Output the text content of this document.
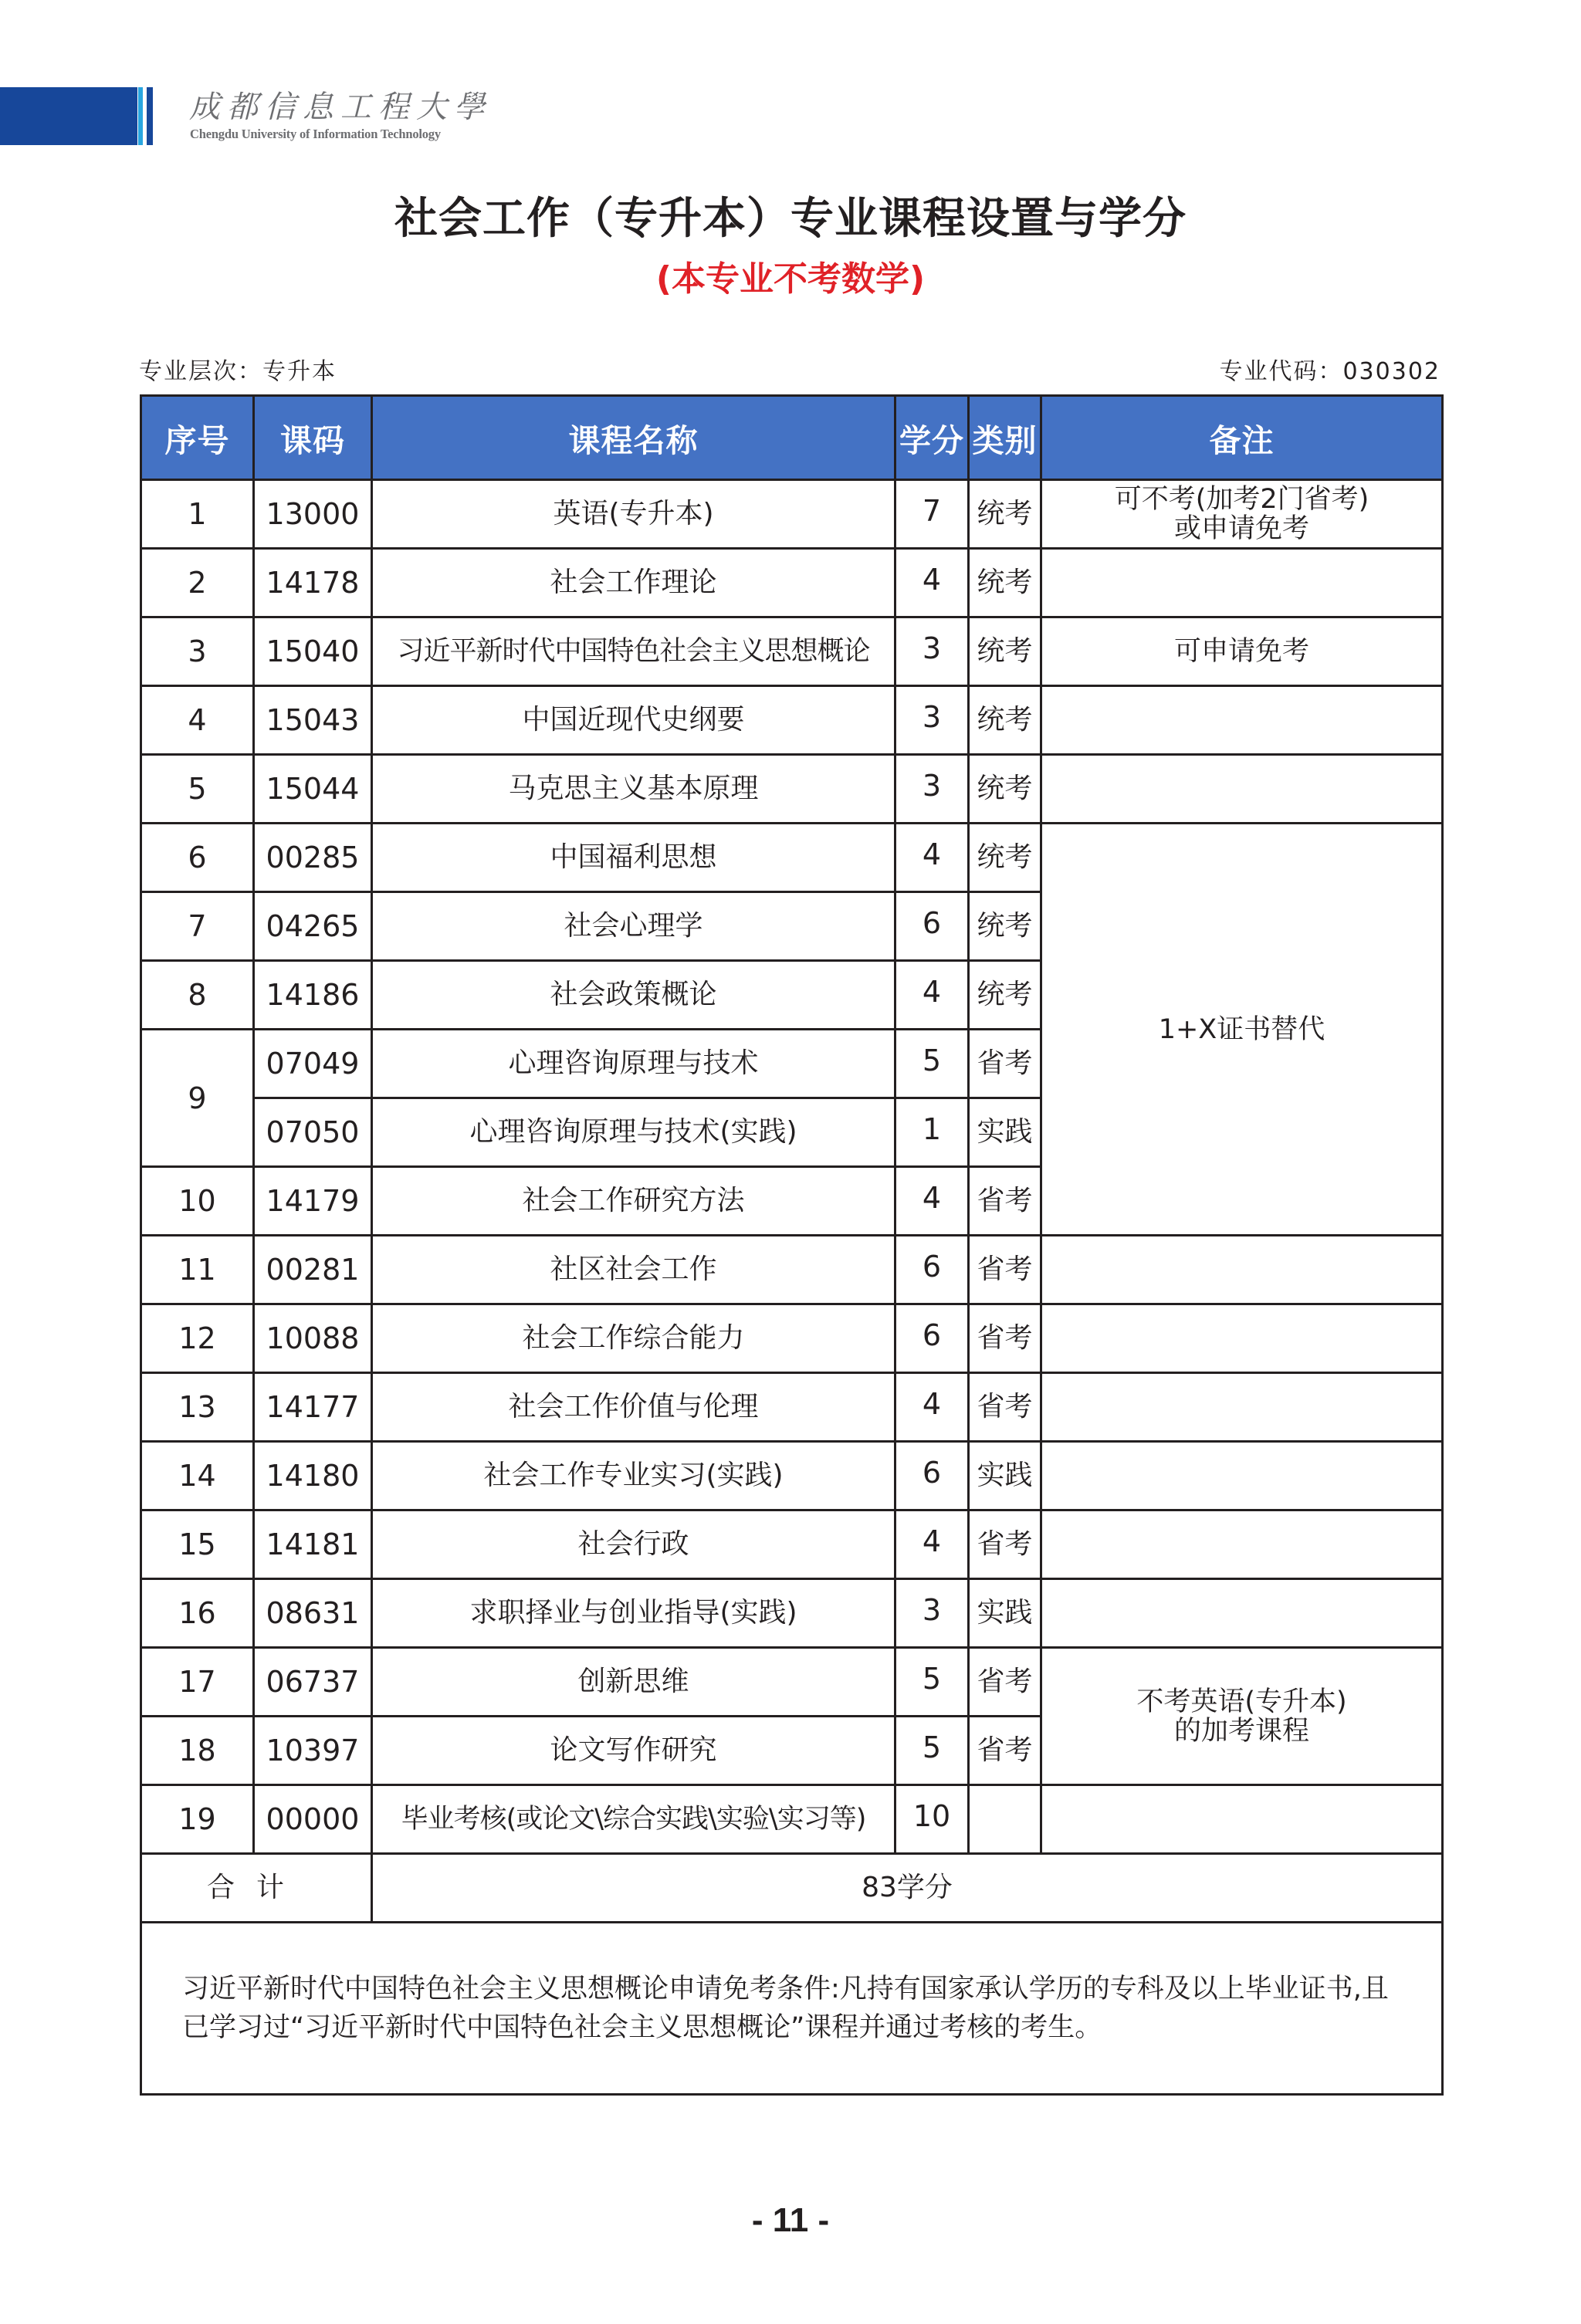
成都信息工程大學
Chengdu University of Information Technology
社会工作（专升本）专业课程设置与学分
(本专业不考数学)
专业层次：专升本	专业代码：030302
序号	课码	课程名称	学分	类别	备注
1	13000	英语(专升本)	7	统考	可不考(加考2门省考)
或申请免考

2	14178	社会工作理论	4	统考	
3	15040	习近平新时代中国特色社会主义思想概论	3	统考	可申请免考
4	15043	中国近现代史纲要	3	统考	
5	15044	马克思主义基本原理	3	统考	
6	00285	中国福利思想	4	统考	1+X证书替代
7	04265	社会心理学	6	统考	
8	14186	社会政策概论	4	统考	
9	07049	心理咨询原理与技术	5	省考	
	07050	心理咨询原理与技术(实践)	1	实践	
10	14179	社会工作研究方法	4	省考	
11	00281	社区社会工作	6	省考	
12	10088	社会工作综合能力	6	省考	
13	14177	社会工作价值与伦理	4	省考	
14	14180	社会工作专业实习(实践)	6	实践	
15	14181	社会行政	4	省考	
16	08631	求职择业与创业指导(实践)	3	实践	
17	06737	创新思维	5	省考	不考英语(专升本)
的加考课程

18	10397	论文写作研究	5	省考	
19	00000	毕业考核(或论文\综合实践\实验\实习等)	10		
合计		83学分			
习近平新时代中国特色社会主义思想概论申请免考条件:凡持有国家承认学历的专科及以上毕业证书,且已学习过“习近平新时代中国特色社会主义思想概论”课程并通过考核的考生。					
- 11 -
